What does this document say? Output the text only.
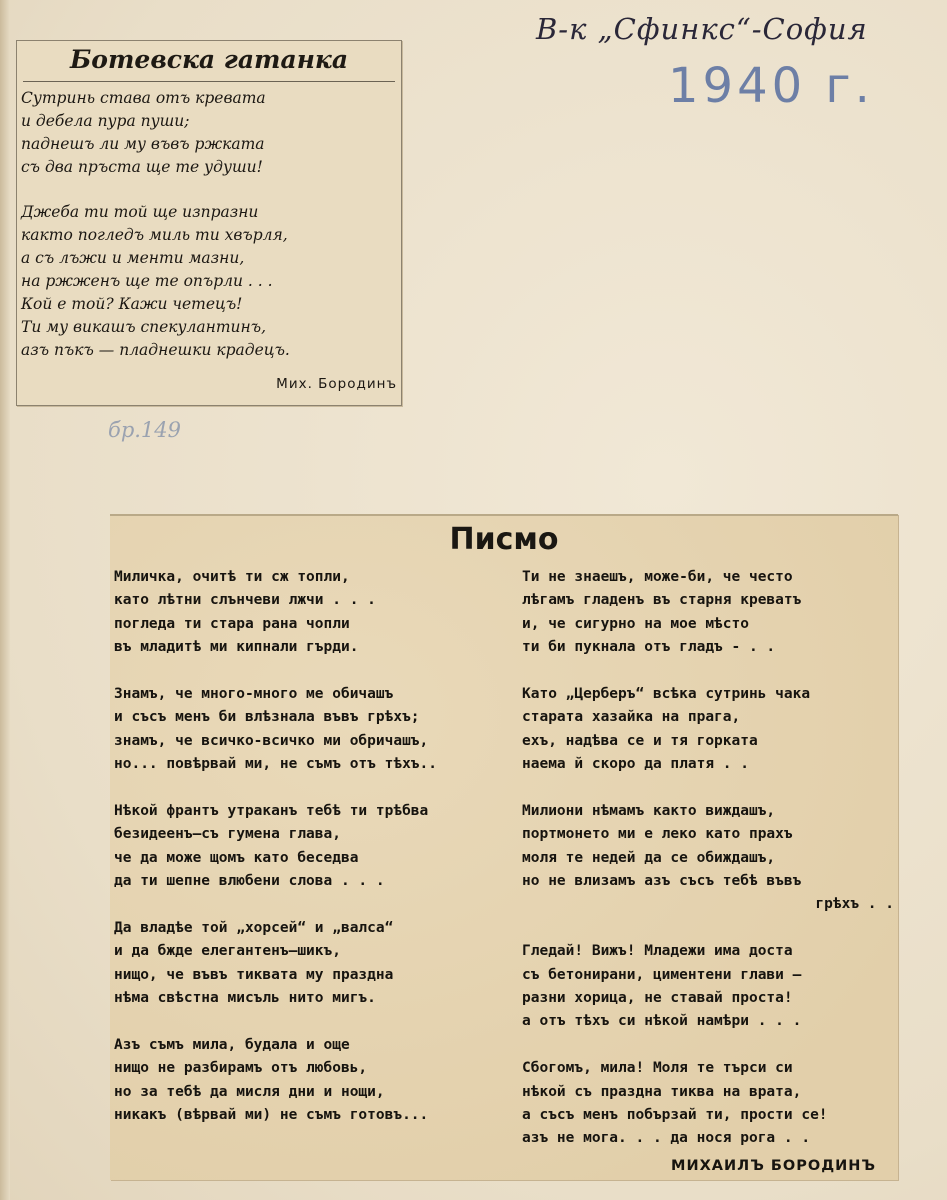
В-к „Сфинкс“-София
1940 г.
бр.149
Ботевска гатанка
Сутринь става отъ кревата
и дебела пура пуши;
паднешъ ли му въвъ ржката
съ два пръста ще те удуши!
Джеба ти той ще изпразни
както погледъ миль ти хвърля,
а съ лъжи и менти мазни,
на ржженъ ще те опърли . . .
Кой е той? Кажи четецъ!
Ти му викашъ спекулантинъ,
азъ пъкъ — пладнешки крадецъ.
Мих. Бородинъ
Писмо
Миличка, очитѣ ти сж топли,
като лѣтни слънчеви лжчи . . .
погледа ти стара рана чопли
въ младитѣ ми кипнали гърди.
Знамъ, че много-много ме обичашъ
и съсъ менъ би влѣзнала въвъ грѣхъ;
знамъ, че всичко-всичко ми обричашъ,
но... повѣрвай ми, не съмъ отъ тѣхъ..
Нѣкой франтъ утраканъ тебѣ ти трѣбва
безидеенъ—съ гумена глава,
че да може щомъ като беседва
да ти шепне влюбени слова . . .
Да владѣе той „хорсей“ и „валса“
и да бжде елегантенъ—шикъ,
нищо, че въвъ тиквата му праздна
нѣма свѣстна мисъль нито мигъ.
Азъ съмъ мила, будала и още
нищо не разбирамъ отъ любовь,
но за тебѣ да мисля дни и нощи,
никакъ (вѣрвай ми) не съмъ готовъ...
Ти не знаешъ, може-би, че често
лѣгамъ гладенъ въ старня креватъ
и, че сигурно на мое мѣсто
ти би пукнала отъ гладъ - . .
Като „Церберъ“ всѣка сутринь чака
старата хазайка на прага,
ехъ, надѣва се и тя горката
наема й скоро да платя . .
Милиони нѣмамъ както виждашъ,
портмонето ми е леко като прахъ
моля те недей да се обиждашъ,
но не влизамъ азъ съсъ тебѣ въвъ
грѣхъ . .
Гледай! Вижъ! Младежи има доста
съ бетонирани, циментени глави —
разни хорица, не ставай проста!
а отъ тѣхъ си нѣкой намѣри . . .
Сбогомъ, мила! Моля те търси си
нѣкой съ праздна тиква на врата,
а съсъ менъ побързай ти, прости се!
азъ не мога. . . да нося рога . .
МИХАИЛЪ БОРОДИНЪ
